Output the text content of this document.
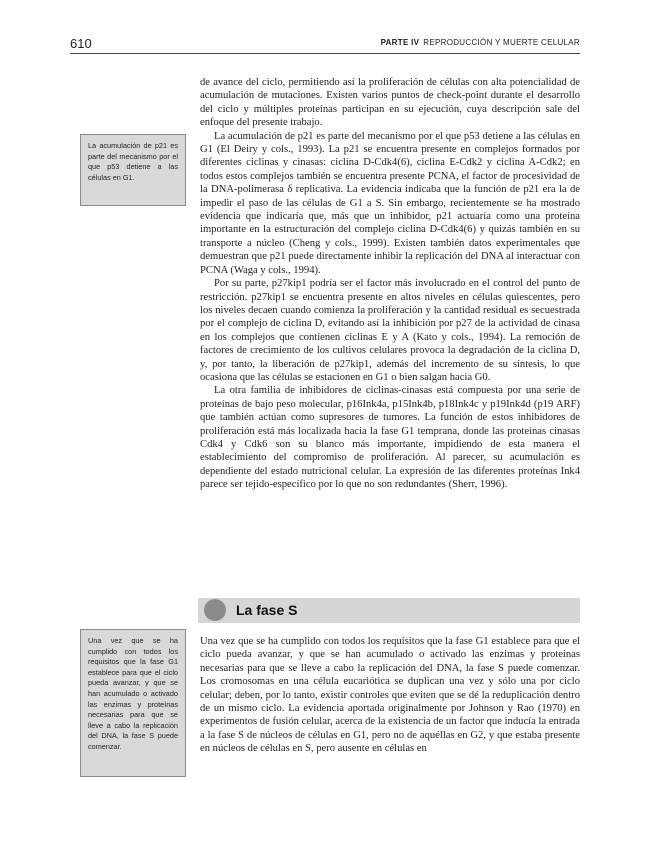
610	PARTE IV REPRODUCCIÓN Y MUERTE CELULAR
La acumulación de p21 es parte del mecanismo por el que p53 detiene a las células en G1.

de avance del ciclo, permitiendo así la proliferación de células con alta potencialidad de acumulación de mutaciones. Existen varios puntos de check-point durante el desarrollo del ciclo y múltiples proteínas participan en su ejecución, cuya descripción sale del enfoque del presente trabajo.

La acumulación de p21 es parte del mecanismo por el que p53 detiene a las células en G1 (El Deiry y cols., 1993). La p21 se encuentra presente en complejos formados por diferentes ciclinas y cinasas: ciclina D-Cdk4(6), ciclina E-Cdk2 y ciclina A-Cdk2; en todos estos complejos también se encuentra presente PCNA, el factor de procesividad de la DNA-polimerasa δ replicativa. La evidencia indicaba que la función de p21 era la de impedir el paso de las células de G1 a S. Sin embargo, recientemente se ha mostrado evidencia que indicaría que, más que un inhibidor, p21 actuaría como una proteína importante en la estructuración del complejo ciclina D-Cdk4(6) y quizás también en su transporte a núcleo (Cheng y cols., 1999). Existen también datos experimentales que demuestran que p21 puede directamente inhibir la replicación del DNA al interactuar con PCNA (Waga y cols., 1994).

Por su parte, p27kip1 podría ser el factor más involucrado en el control del punto de restricción. p27kip1 se encuentra presente en altos niveles en células quiescentes, pero los niveles decaen cuando comienza la proliferación y la cantidad residual es secuestrada por el complejo de ciclina D, evitando así la inhibición por p27 de la actividad de cinasa en los complejos que contienen ciclinas E y A (Kato y cols., 1994). La remoción de factores de crecimiento de los cultivos celulares provoca la degradación de la ciclina D, y, por tanto, la liberación de p27kip1, además del incremento de su síntesis, lo que ocasiona que las células se estacionen en G1 o bien salgan hacia G0.

La otra familia de inhibidores de ciclinas-cinasas está compuesta por una serie de proteínas de bajo peso molecular, p16Ink4a, p15Ink4b, p18Ink4c y p19Ink4d (p19 ARF) que también actúan como supresores de tumores. La función de estos inhibidores de proliferación está más localizada hacia la fase G1 temprana, donde las proteínas cinasas Cdk4 y Cdk6 son su blanco más importante, impidiendo de esta manera el establecimiento del compromiso de proliferación. Al parecer, su acumulación es dependiente del estado nutricional celular. La expresión de las diferentes proteínas Ink4 parece ser tejido-específico por lo que no son redundantes (Sherr, 1996).

La fase S
Una vez que se ha cumplido con todos los requisitos que la fase G1 establece para que el ciclo pueda avanzar, y que se han acumulado o activado las enzimas y proteínas necesarias para que se lleve a cabo la replicación del DNA, la fase S puede comenzar.

Una vez que se ha cumplido con todos los requisitos que la fase G1 establece para que el ciclo pueda avanzar, y que se han acumulado o activado las enzimas y proteínas necesarias para que se lleve a cabo la replicación del DNA, la fase S puede comenzar. Los cromosomas en una célula eucariótica se duplican una vez y sólo una por ciclo celular; deben, por lo tanto, existir controles que eviten que se dé la reduplicación dentro de un mismo ciclo. La evidencia aportada originalmente por Johnson y Rao (1970) en experimentos de fusión celular, acerca de la existencia de un factor que inducía la entrada a la fase S de núcleos de células en G1, pero no de aquéllas en G2, y que estaba presente en núcleos de células en S, pero ausente en células en
